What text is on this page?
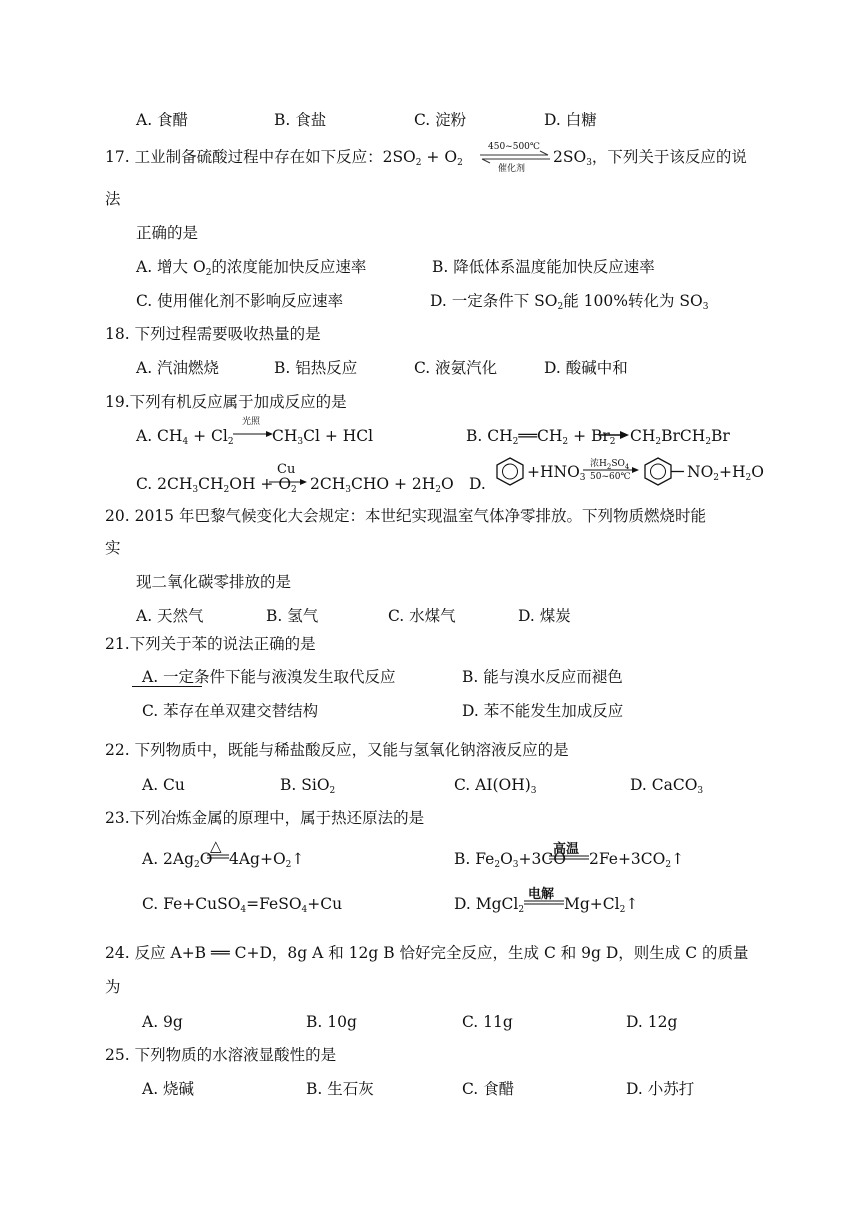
A. 食醋	B. 食盐	C. 淀粉	D. 白糖
17. 工业制备硫酸过程中存在如下反应：$2SO_2 + O_2$
450~500℃
催化剂
$2SO_3$，下列关于该反应的说
法
正确的是
A. 增大 $O_2$的浓度能加快反应速率	B. 降低体系温度能加快反应速率
C. 使用催化剂不影响反应速率	D. 一定条件下 $SO_2$能 100%转化为 $SO_3$
18. 下列过程需要吸收热量的是
A. 汽油燃烧	B. 铝热反应	C. 液氨汽化	D. 酸碱中和
19.下列有机反应属于加成反应的是
A. $CH_4 + Cl_2$
光照
$CH_3Cl$ + HCl	B. $CH_2══CH_2 + Br_2$ $CH_2BrCH_2Br$
C. $2CH_3CH_2OH + O_2$
Cu
$2CH_3CHO + 2H_2O$ D.
$+HNO_3$
浓$H_2SO_4$
50~60℃	$NO_2+H_2O$
20. 2015 年巴黎气候变化大会规定：本世纪实现温室气体净零排放。下列物质燃烧时能
实
现二氧化碳零排放的是
A. 天然气	B. 氢气	C. 水煤气	D. 煤炭
21.下列关于苯的说法正确的是
A. 一定条件下能与液溴发生取代反应	B. 能与溴水反应而褪色
C. 苯存在单双建交替结构	D. 苯不能发生加成反应
22. 下列物质中，既能与稀盐酸反应，又能与氢氧化钠溶液反应的是
A. Cu	B. SiO$_2$	C. $AI(OH)_3$	D. CaCO$_3$
23.下列冶炼金属的原理中，属于热还原法的是
A. $2Ag_2O$
△
$4Ag+O_2↑$	B. $Fe_2O_3+3CO$
高温
$2Fe+3CO_2↑$
C. Fe+CuSO$_4$=FeSO$_4$+Cu	D. MgCl$_2$
电解
$Mg+Cl_2↑$
24. 反应 A+B ══ C+D，8g A 和 12g B 恰好完全反应，生成 C 和 9g D，则生成 C 的质量
为
A. 9g	B. 10g	C. 11g	D. 12g
25. 下列物质的水溶液显酸性的是
A. 烧碱	B. 生石灰	C. 食醋	D. 小苏打
